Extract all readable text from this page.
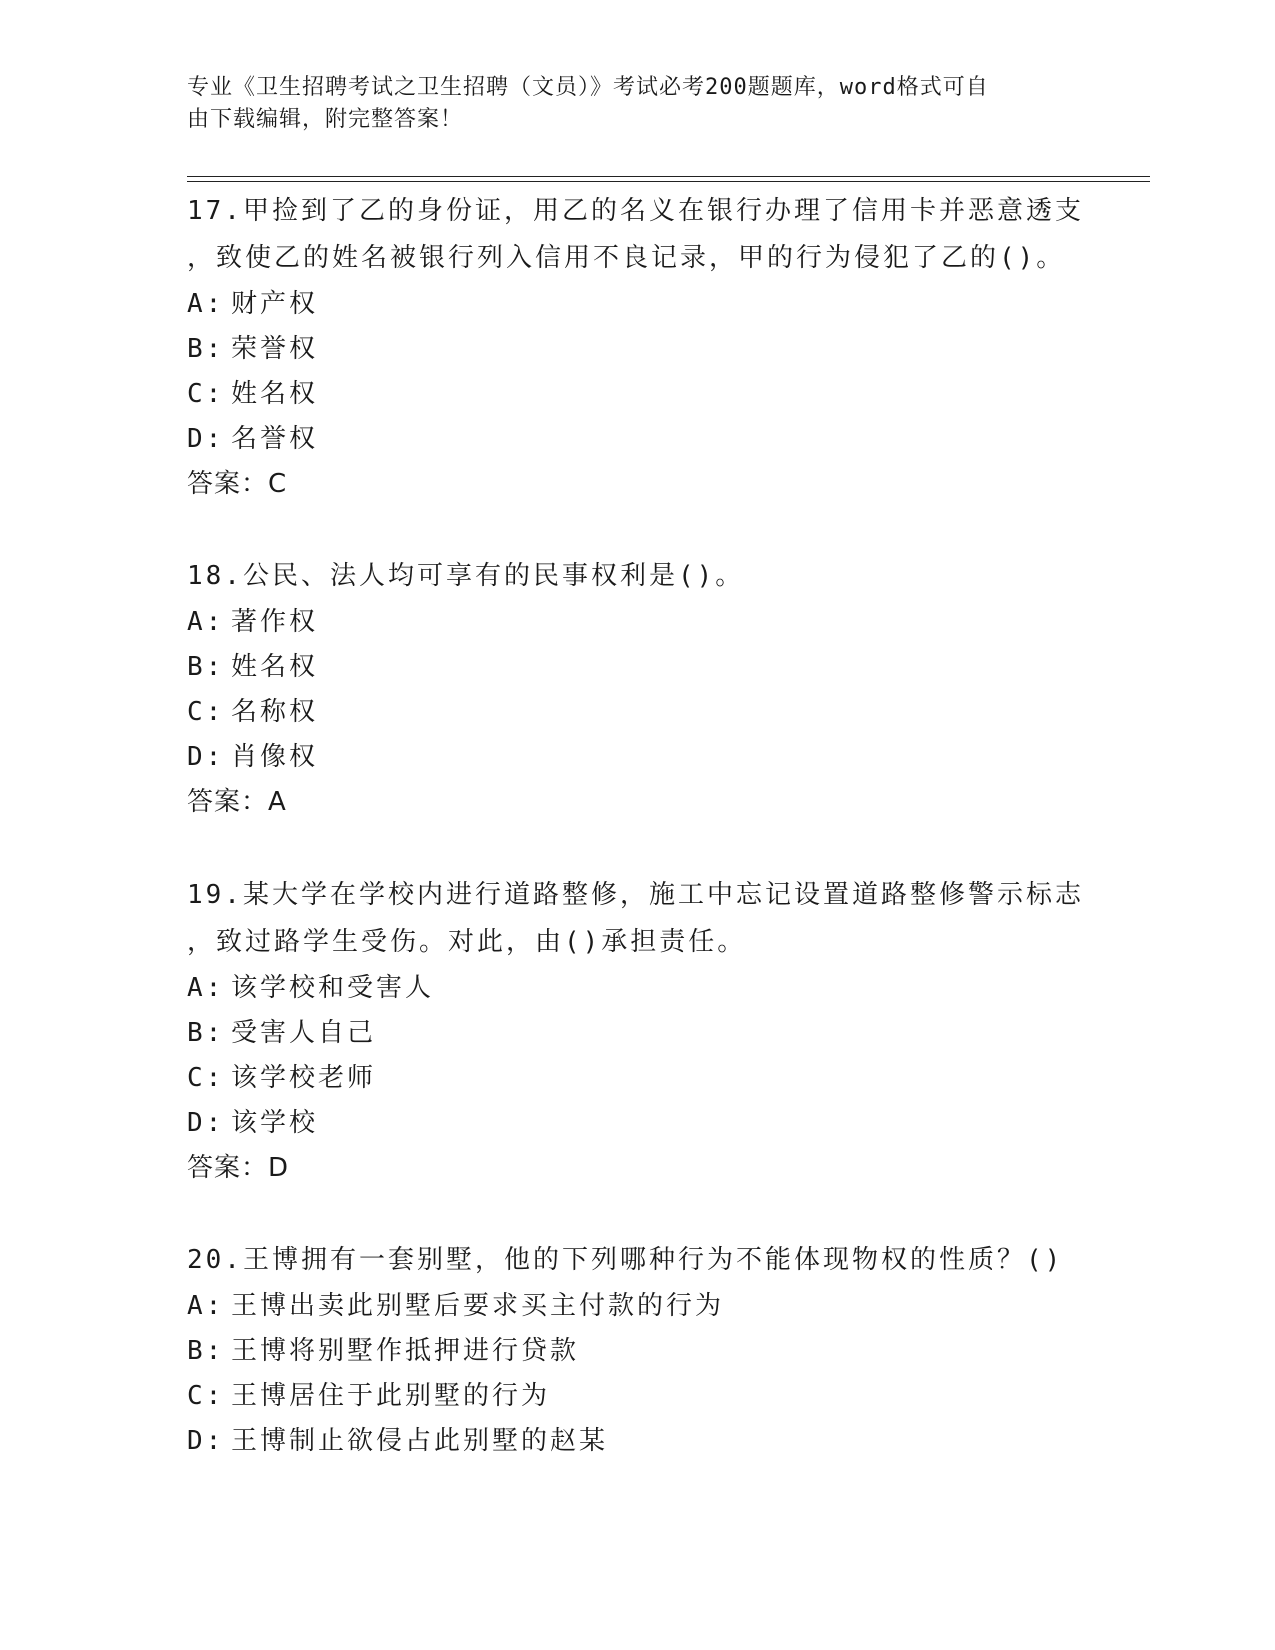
专业《卫生招聘考试之卫生招聘（文员）》考试必考200题题库，word格式可自
由下载编辑，附完整答案！

17.甲捡到了乙的身份证，用乙的名义在银行办理了信用卡并恶意透支

，致使乙的姓名被银行列入信用不良记录，甲的行为侵犯了乙的()。

A: 财产权
B: 荣誉权
C: 姓名权
D: 名誉权

答案：C

18.公民、法人均可享有的民事权利是()。

A: 著作权
B: 姓名权
C: 名称权
D: 肖像权

答案：A

19.某大学在学校内进行道路整修，施工中忘记设置道路整修警示标志

，致过路学生受伤。对此，由()承担责任。

A: 该学校和受害人
B: 受害人自己
C: 该学校老师
D: 该学校

答案：D

20.王博拥有一套别墅，他的下列哪种行为不能体现物权的性质？()

A: 王博出卖此别墅后要求买主付款的行为
B: 王博将别墅作抵押进行贷款
C: 王博居住于此别墅的行为
D: 王博制止欲侵占此别墅的赵某
